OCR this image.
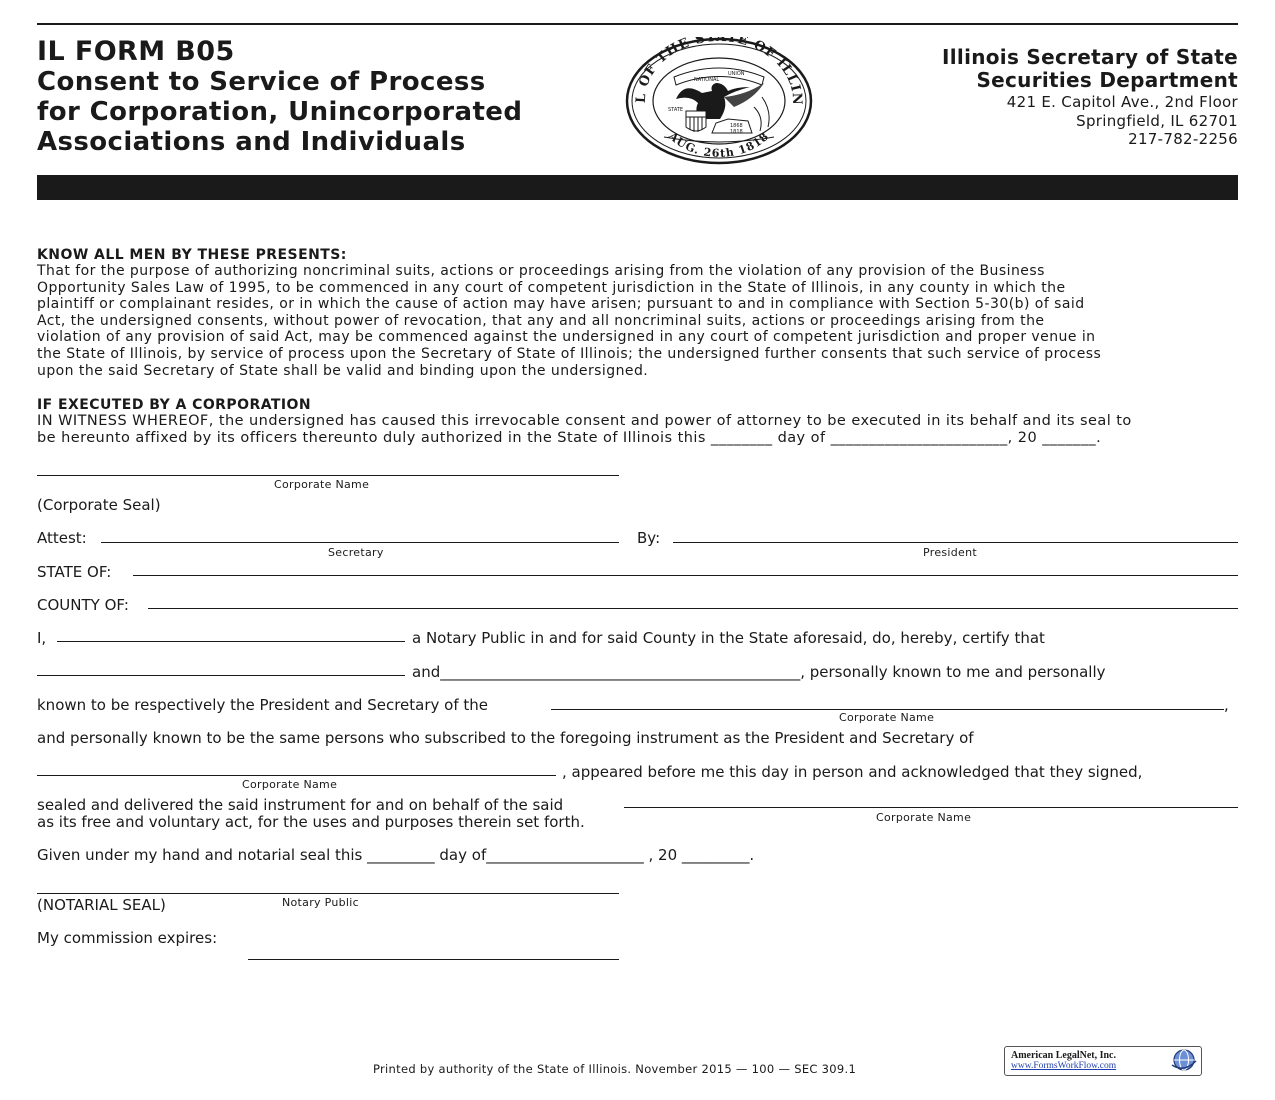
IL FORM B05
Consent to Service of Process
for Corporation, Unincorporated
Associations and Individuals
L OF THE STATE OF ILLIN
AUG. 26th 1818
NATIONAL
UNION
STATE
1868
1818
Illinois Secretary of State
Securities Department
421 E. Capitol Ave., 2nd Floor
Springfield, IL 62701
217-782-2256
KNOW ALL MEN BY THESE PRESENTS:
That for the purpose of authorizing noncriminal suits, actions or proceedings arising from the violation of any provision of the Business
Opportunity Sales Law of 1995, to be commenced in any court of competent jurisdiction in the State of Illinois, in any county in which the
plaintiff or complainant resides, or in which the cause of action may have arisen; pursuant to and in compliance with Section 5-30(b) of said
Act, the undersigned consents, without power of revocation, that any and all noncriminal suits, actions or proceedings arising from the
violation of any provision of said Act, may be commenced against the undersigned in any court of competent jurisdiction and proper venue in
the State of Illinois, by service of process upon the Secretary of State of Illinois; the undersigned further consents that such service of process
upon the said Secretary of State shall be valid and binding upon the undersigned.
IF EXECUTED BY A CORPORATION
IN WITNESS WHEREOF, the undersigned has caused this irrevocable consent and power of attorney to be executed in its behalf and its seal to
be hereunto affixed by its officers thereunto duly authorized in the State of Illinois this ________ day of _______________________, 20 _______.
Corporate Name
(Corporate Seal)
Attest:
Secretary
By:
President
STATE OF:
COUNTY OF:
I,	a Notary Public in and for said County in the State aforesaid, do, hereby, certify that
and________________________________________________, personally known to me and personally
known to be respectively the President and Secretary of the	,
Corporate Name
and personally known to be the same persons who subscribed to the foregoing instrument as the President and Secretary of
Corporate Name
, appeared before me this day in person and acknowledged that they signed,
sealed and delivered the said instrument for and on behalf of the said
Corporate Name
as its free and voluntary act, for the uses and purposes therein set forth.
Given under my hand and notarial seal this _________ day of_____________________ , 20 _________.
(NOTARIAL SEAL)	Notary Public
My commission expires:
Printed by authority of the State of Illinois. November 2015 — 100 — SEC 309.1
American LegalNet, Inc.
www.FormsWorkFlow.com
